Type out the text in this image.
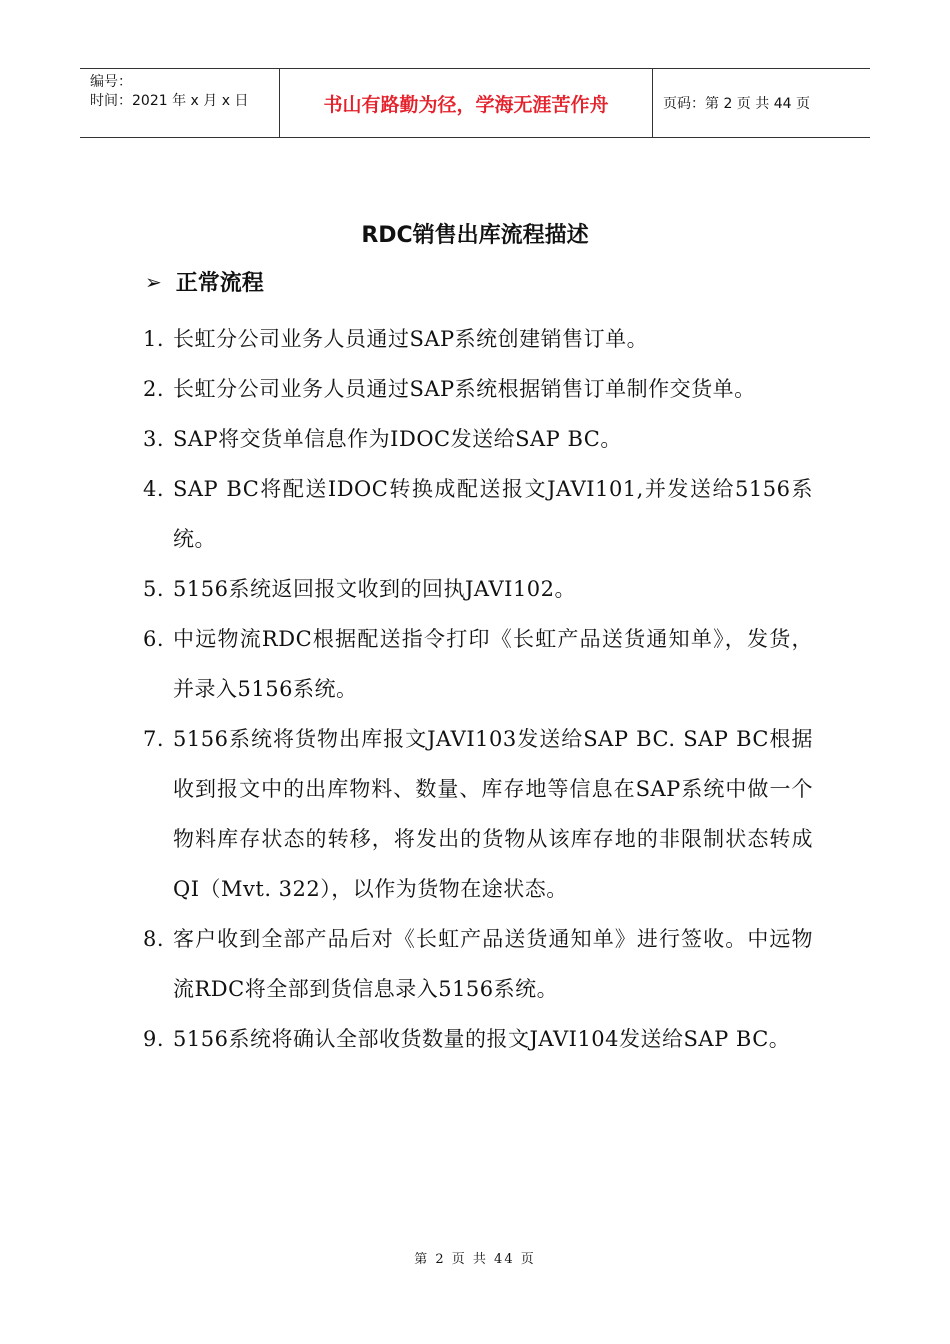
编号：
时间：2021 年 x 月 x 日	书山有路勤为径，学海无涯苦作舟	页码：第 2 页 共 44 页
RDC销售出库流程描述
➢ 正常流程
1. 长虹分公司业务人员通过SAP系统创建销售订单。
2. 长虹分公司业务人员通过SAP系统根据销售订单制作交货单。
3. SAP将交货单信息作为IDOC发送给SAP BC。
4. SAP BC将配送IDOC转换成配送报文JAVI101,并发送给5156系统。
5. 5156系统返回报文收到的回执JAVI102。
6. 中远物流RDC根据配送指令打印《长虹产品送货通知单》，发货，并录入5156系统。
7. 5156系统将货物出库报文JAVI103发送给SAP BC. SAP BC根据收到报文中的出库物料、数量、库存地等信息在SAP系统中做一个物料库存状态的转移，将发出的货物从该库存地的非限制状态转成QI（Mvt. 322），以作为货物在途状态。
8. 客户收到全部产品后对《长虹产品送货通知单》进行签收。中远物流RDC将全部到货信息录入5156系统。
9. 5156系统将确认全部收货数量的报文JAVI104发送给SAP BC。
第 2 页 共 44 页
